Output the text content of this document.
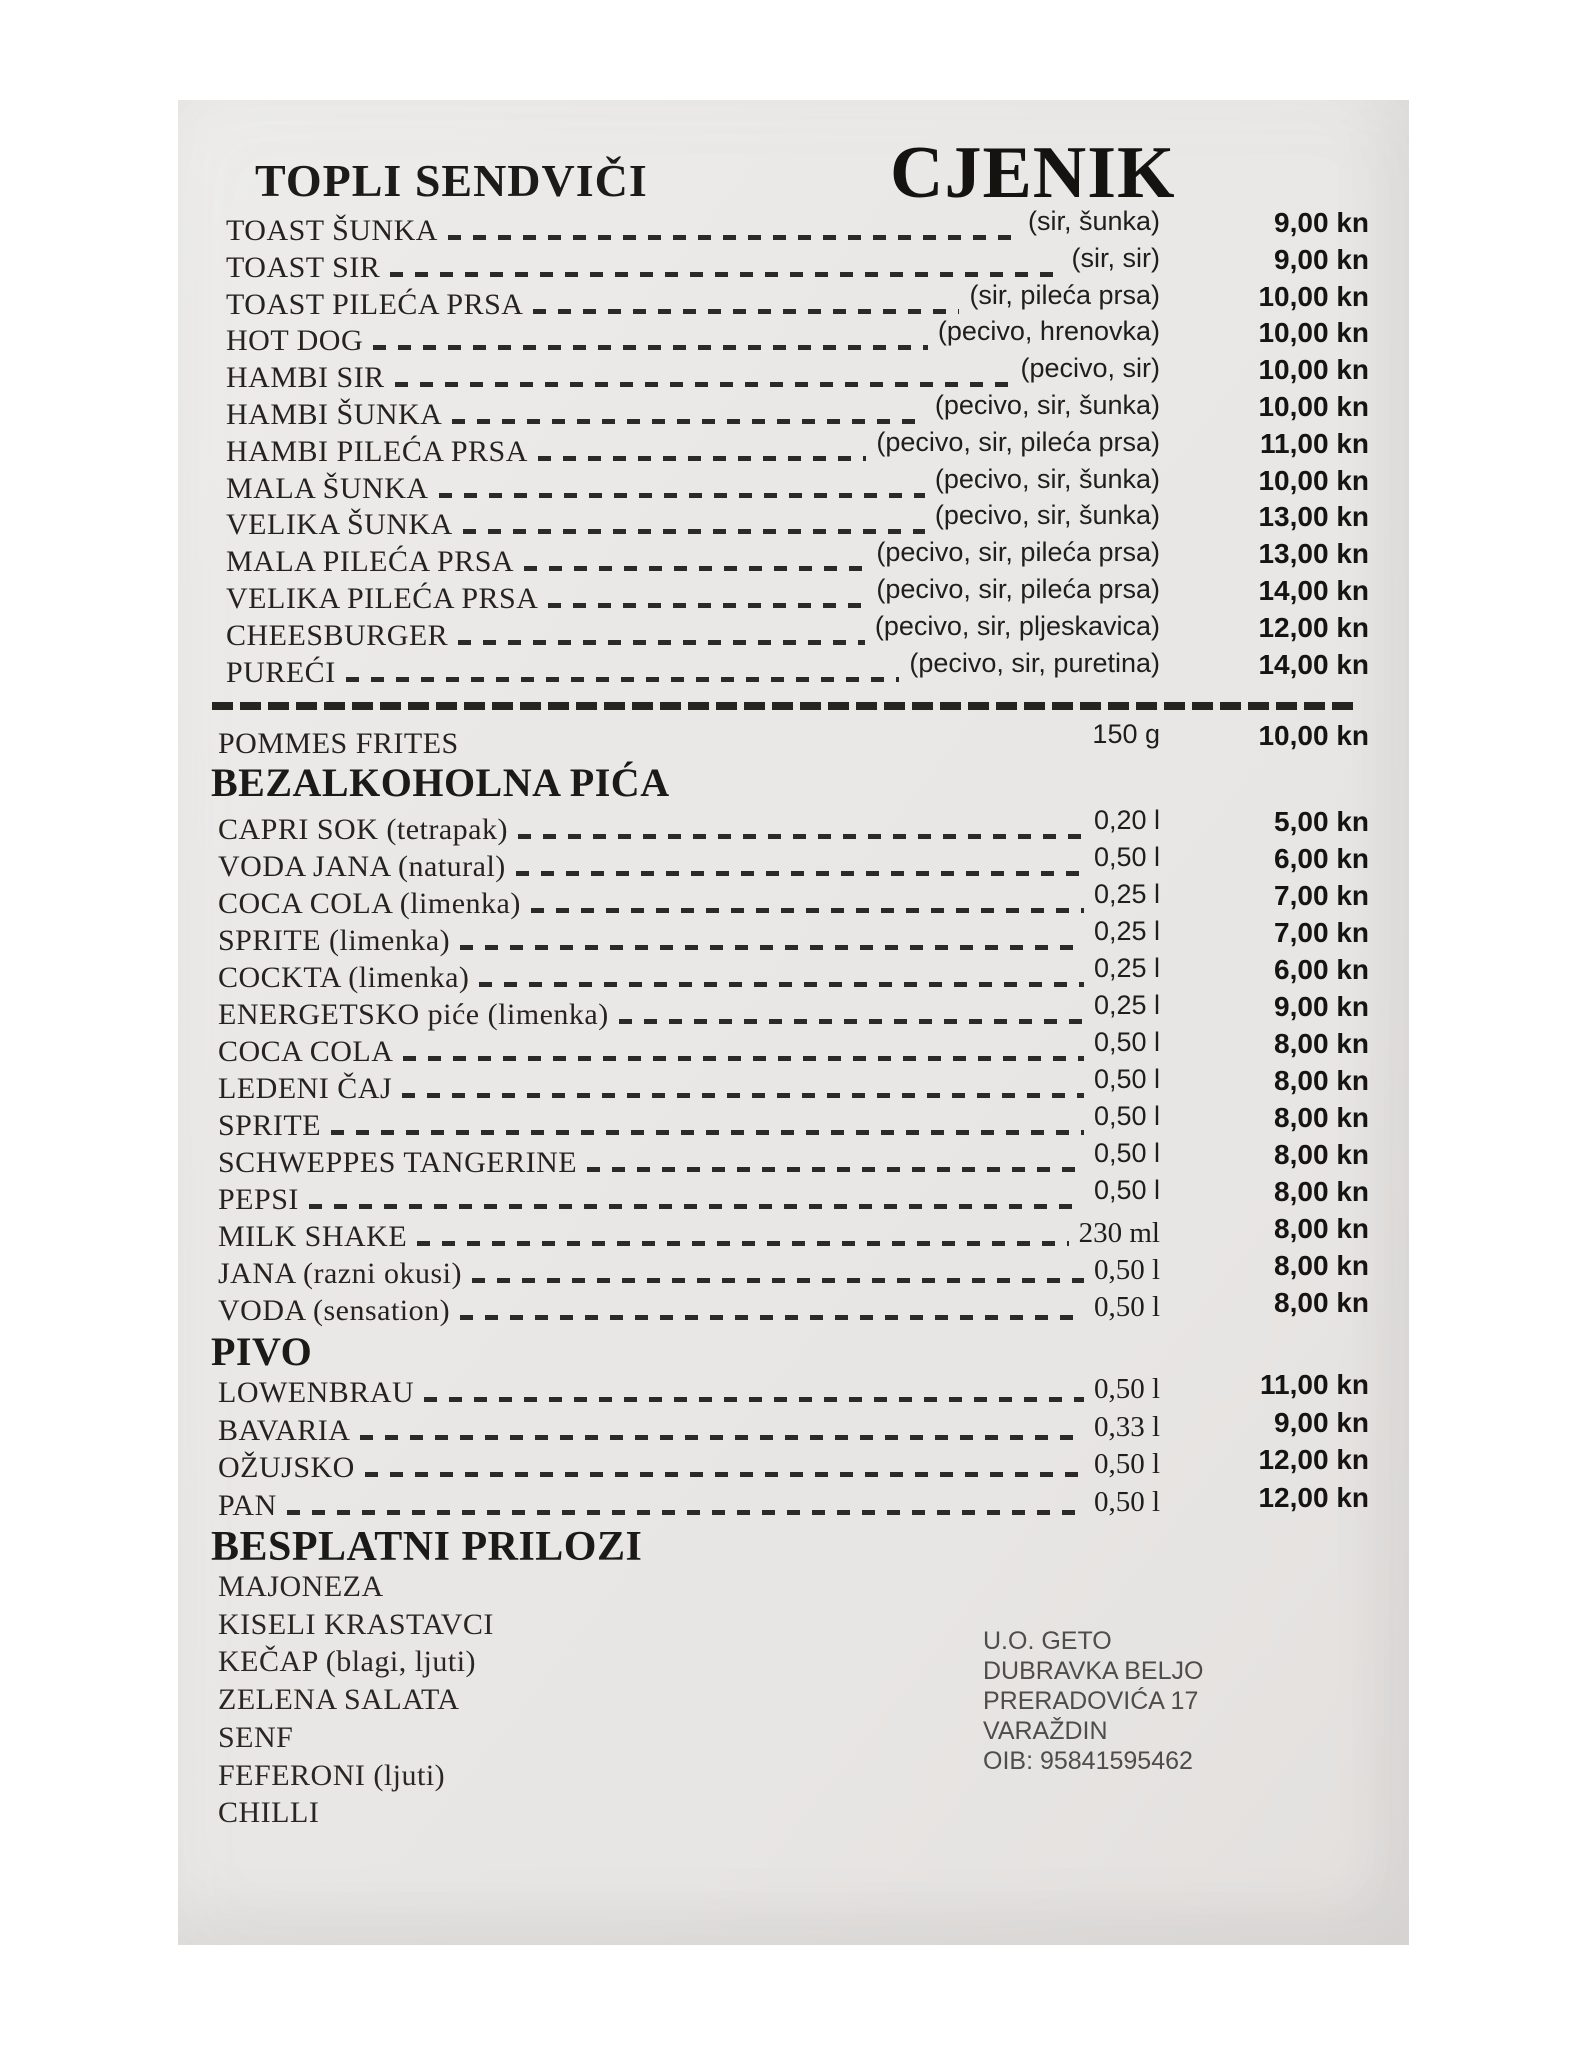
TOPLI SENDVIČI	CJENIK
TOAST ŠUNKA	(sir, šunka)	9,00 kn
TOAST SIR	(sir, sir)	9,00 kn
TOAST PILEĆA PRSA	(sir, pileća prsa)	10,00 kn
HOT DOG	(pecivo, hrenovka)	10,00 kn
HAMBI SIR	(pecivo, sir)	10,00 kn
HAMBI ŠUNKA	(pecivo, sir, šunka)	10,00 kn
HAMBI PILEĆA PRSA	(pecivo, sir, pileća prsa)	11,00 kn
MALA ŠUNKA	(pecivo, sir, šunka)	10,00 kn
VELIKA ŠUNKA	(pecivo, sir, šunka)	13,00 kn
MALA PILEĆA PRSA	(pecivo, sir, pileća prsa)	13,00 kn
VELIKA PILEĆA PRSA	(pecivo, sir, pileća prsa)	14,00 kn
CHEESBURGER	(pecivo, sir, pljeskavica)	12,00 kn
PUREĆI	(pecivo, sir, puretina)	14,00 kn
POMMES FRITES	150 g	10,00 kn
BEZALKOHOLNA PIĆA
CAPRI SOK (tetrapak)	0,20 l	5,00 kn
VODA JANA (natural)	0,50 l	6,00 kn
COCA COLA (limenka)	0,25 l	7,00 kn
SPRITE (limenka)	0,25 l	7,00 kn
COCKTA (limenka)	0,25 l	6,00 kn
ENERGETSKO piće (limenka)	0,25 l	9,00 kn
COCA COLA	0,50 l	8,00 kn
LEDENI ČAJ	0,50 l	8,00 kn
SPRITE	0,50 l	8,00 kn
SCHWEPPES TANGERINE	0,50 l	8,00 kn
PEPSI	0,50 l	8,00 kn
MILK SHAKE	230 ml	8,00 kn
JANA (razni okusi)	0,50 l	8,00 kn
VODA (sensation)	0,50 l	8,00 kn
PIVO
LOWENBRAU	0,50 l	11,00 kn
BAVARIA	0,33 l	9,00 kn
OŽUJSKO	0,50 l	12,00 kn
PAN	0,50 l	12,00 kn
BESPLATNI PRILOZI
MAJONEZA
KISELI KRASTAVCI
KEČAP (blagi, ljuti)
ZELENA SALATA
SENF
FEFERONI (ljuti)
CHILLI
U.O. GETO
DUBRAVKA BELJO
PRERADOVIĆA 17
VARAŽDIN
OIB: 95841595462
